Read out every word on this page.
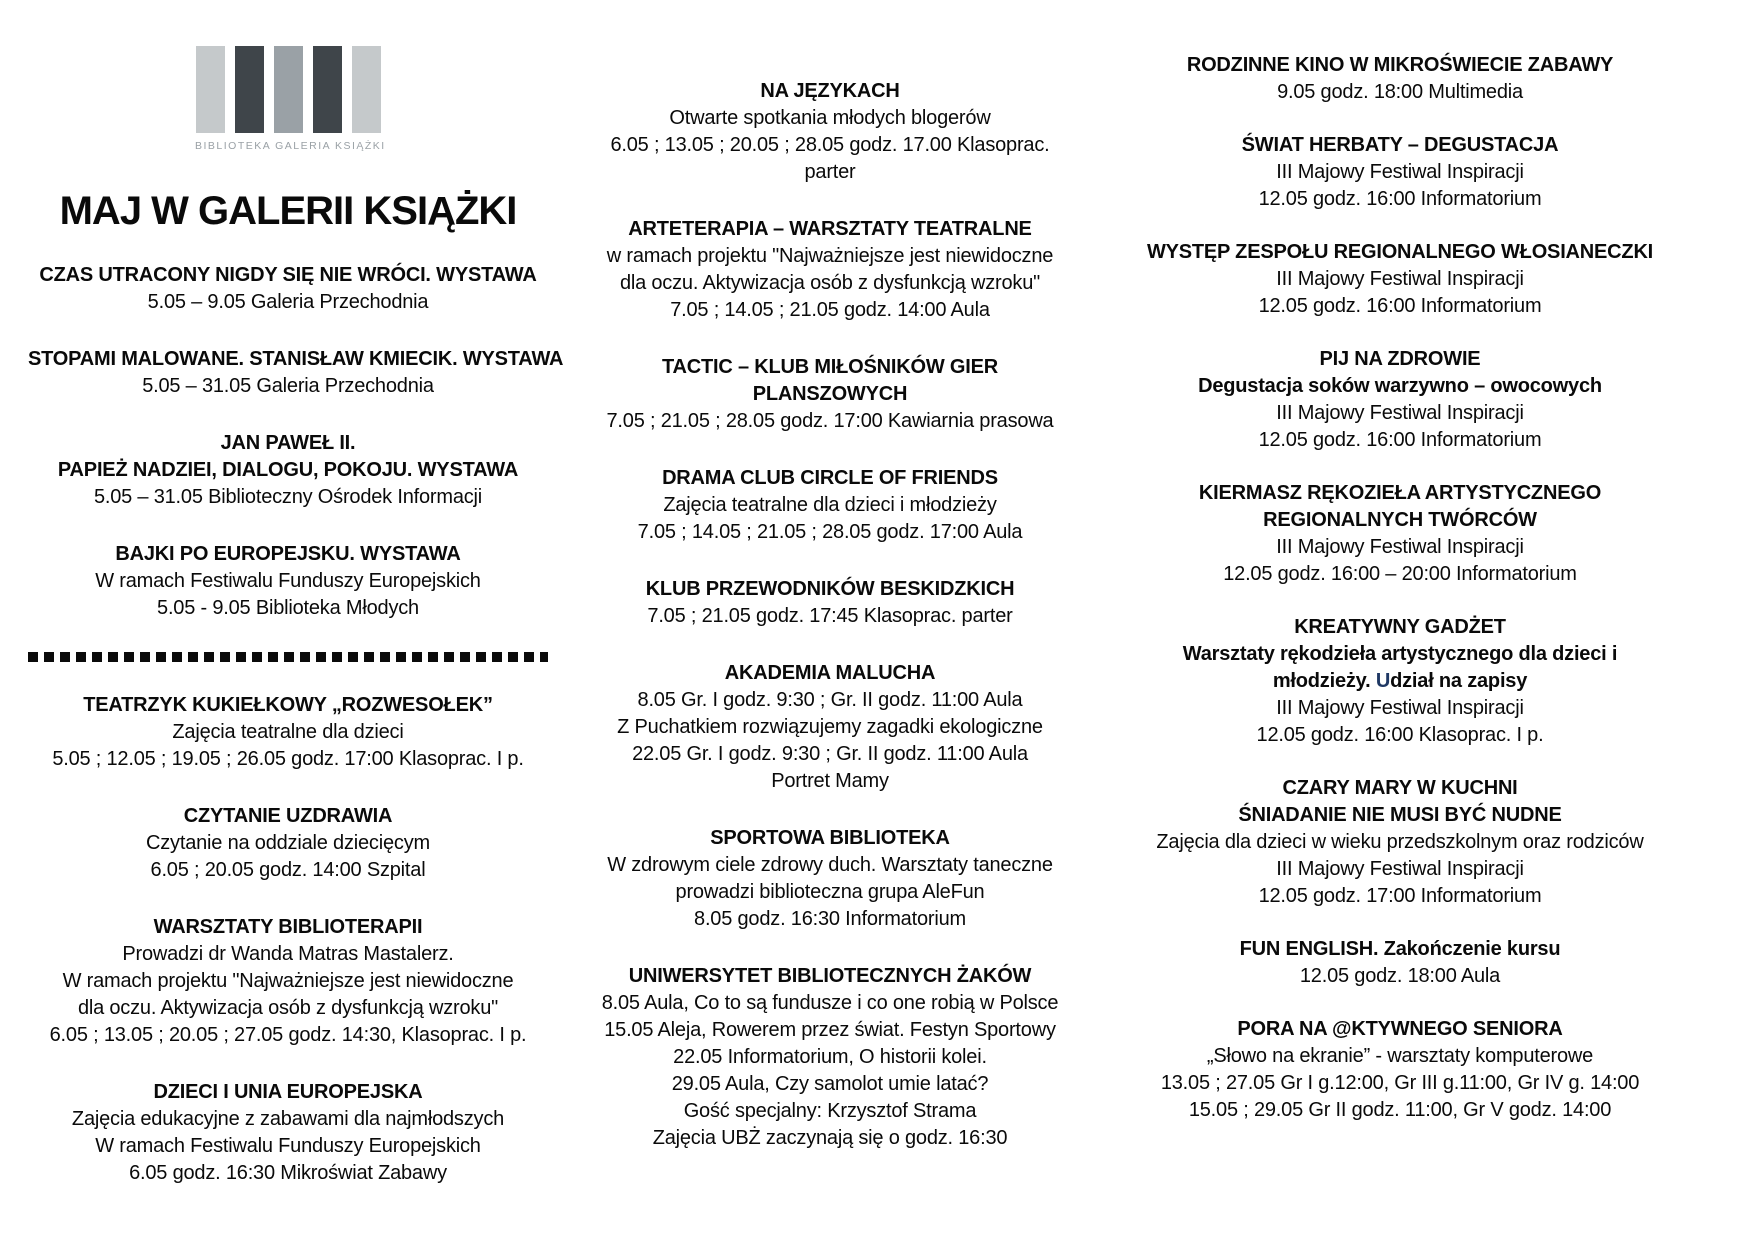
BIBLIOTEKA GALERIA KSIĄŻKI
MAJ W GALERII KSIĄŻKI
CZAS UTRACONY NIGDY SIĘ NIE WRÓCI. WYSTAWA
5.05 – 9.05 Galeria Przechodnia
STOPAMI MALOWANE. STANISŁAW KMIECIK. WYSTAWA
5.05 – 31.05 Galeria Przechodnia
JAN PAWEŁ II.
PAPIEŻ NADZIEI, DIALOGU, POKOJU. WYSTAWA
5.05 – 31.05 Biblioteczny Ośrodek Informacji
BAJKI PO EUROPEJSKU. WYSTAWA
W ramach Festiwalu Funduszy Europejskich
5.05 - 9.05 Biblioteka Młodych
TEATRZYK KUKIEŁKOWY „ROZWESOŁEK”
Zajęcia teatralne dla dzieci
5.05 ; 12.05 ; 19.05 ; 26.05 godz. 17:00 Klasoprac. I p.
CZYTANIE UZDRAWIA
Czytanie na oddziale dziecięcym
6.05 ; 20.05 godz. 14:00 Szpital
WARSZTATY BIBLIOTERAPII
Prowadzi dr Wanda Matras Mastalerz.
W ramach projektu "Najważniejsze jest niewidoczne
dla oczu. Aktywizacja osób z dysfunkcją wzroku"
6.05 ; 13.05 ; 20.05 ; 27.05 godz. 14:30, Klasoprac. I p.
DZIECI I UNIA EUROPEJSKA
Zajęcia edukacyjne z zabawami dla najmłodszych
W ramach Festiwalu Funduszy Europejskich
6.05 godz. 16:30 Mikroświat Zabawy
NA JĘZYKACH
Otwarte spotkania młodych blogerów
6.05 ; 13.05 ; 20.05 ; 28.05 godz. 17.00 Klasoprac.
parter
ARTETERAPIA – WARSZTATY TEATRALNE
w ramach projektu "Najważniejsze jest niewidoczne
dla oczu. Aktywizacja osób z dysfunkcją wzroku"
7.05 ; 14.05 ; 21.05 godz. 14:00 Aula
TACTIC – KLUB MIŁOŚNIKÓW GIER
PLANSZOWYCH
7.05 ; 21.05 ; 28.05 godz. 17:00 Kawiarnia prasowa
DRAMA CLUB CIRCLE OF FRIENDS
Zajęcia teatralne dla dzieci i młodzieży
7.05 ; 14.05 ; 21.05 ; 28.05 godz. 17:00 Aula
KLUB PRZEWODNIKÓW BESKIDZKICH
7.05 ; 21.05 godz. 17:45 Klasoprac. parter
AKADEMIA MALUCHA
8.05 Gr. I godz. 9:30 ; Gr. II godz. 11:00 Aula
Z Puchatkiem rozwiązujemy zagadki ekologiczne
22.05 Gr. I godz. 9:30 ; Gr. II godz. 11:00 Aula
Portret Mamy
SPORTOWA BIBLIOTEKA
W zdrowym ciele zdrowy duch. Warsztaty taneczne
prowadzi biblioteczna grupa AleFun
8.05 godz. 16:30 Informatorium
UNIWERSYTET BIBLIOTECZNYCH ŻAKÓW
8.05 Aula, Co to są fundusze i co one robią w Polsce
15.05 Aleja, Rowerem przez świat. Festyn Sportowy
22.05 Informatorium, O historii kolei.
29.05 Aula, Czy samolot umie latać?
Gość specjalny: Krzysztof Strama
Zajęcia UBŻ zaczynają się o godz. 16:30
RODZINNE KINO W MIKROŚWIECIE ZABAWY
9.05 godz. 18:00 Multimedia
ŚWIAT HERBATY – DEGUSTACJA
III Majowy Festiwal Inspiracji
12.05 godz. 16:00 Informatorium
WYSTĘP ZESPOŁU REGIONALNEGO WŁOSIANECZKI
III Majowy Festiwal Inspiracji
12.05 godz. 16:00 Informatorium
PIJ NA ZDROWIE
Degustacja soków warzywno – owocowych
III Majowy Festiwal Inspiracji
12.05 godz. 16:00 Informatorium
KIERMASZ RĘKOZIEŁA ARTYSTYCZNEGO
REGIONALNYCH TWÓRCÓW
III Majowy Festiwal Inspiracji
12.05 godz. 16:00 – 20:00 Informatorium
KREATYWNY GADŻET
Warsztaty rękodzieła artystycznego dla dzieci i
młodzieży. Udział na zapisy
III Majowy Festiwal Inspiracji
12.05 godz. 16:00 Klasoprac. I p.
CZARY MARY W KUCHNI
ŚNIADANIE NIE MUSI BYĆ NUDNE
Zajęcia dla dzieci w wieku przedszkolnym oraz rodziców
III Majowy Festiwal Inspiracji
12.05 godz. 17:00 Informatorium
FUN ENGLISH. Zakończenie kursu
12.05 godz. 18:00 Aula
PORA NA @KTYWNEGO SENIORA
„Słowo na ekranie” - warsztaty komputerowe
13.05 ; 27.05 Gr I g.12:00, Gr III g.11:00, Gr IV g. 14:00
15.05 ; 29.05 Gr II godz. 11:00, Gr V godz. 14:00
